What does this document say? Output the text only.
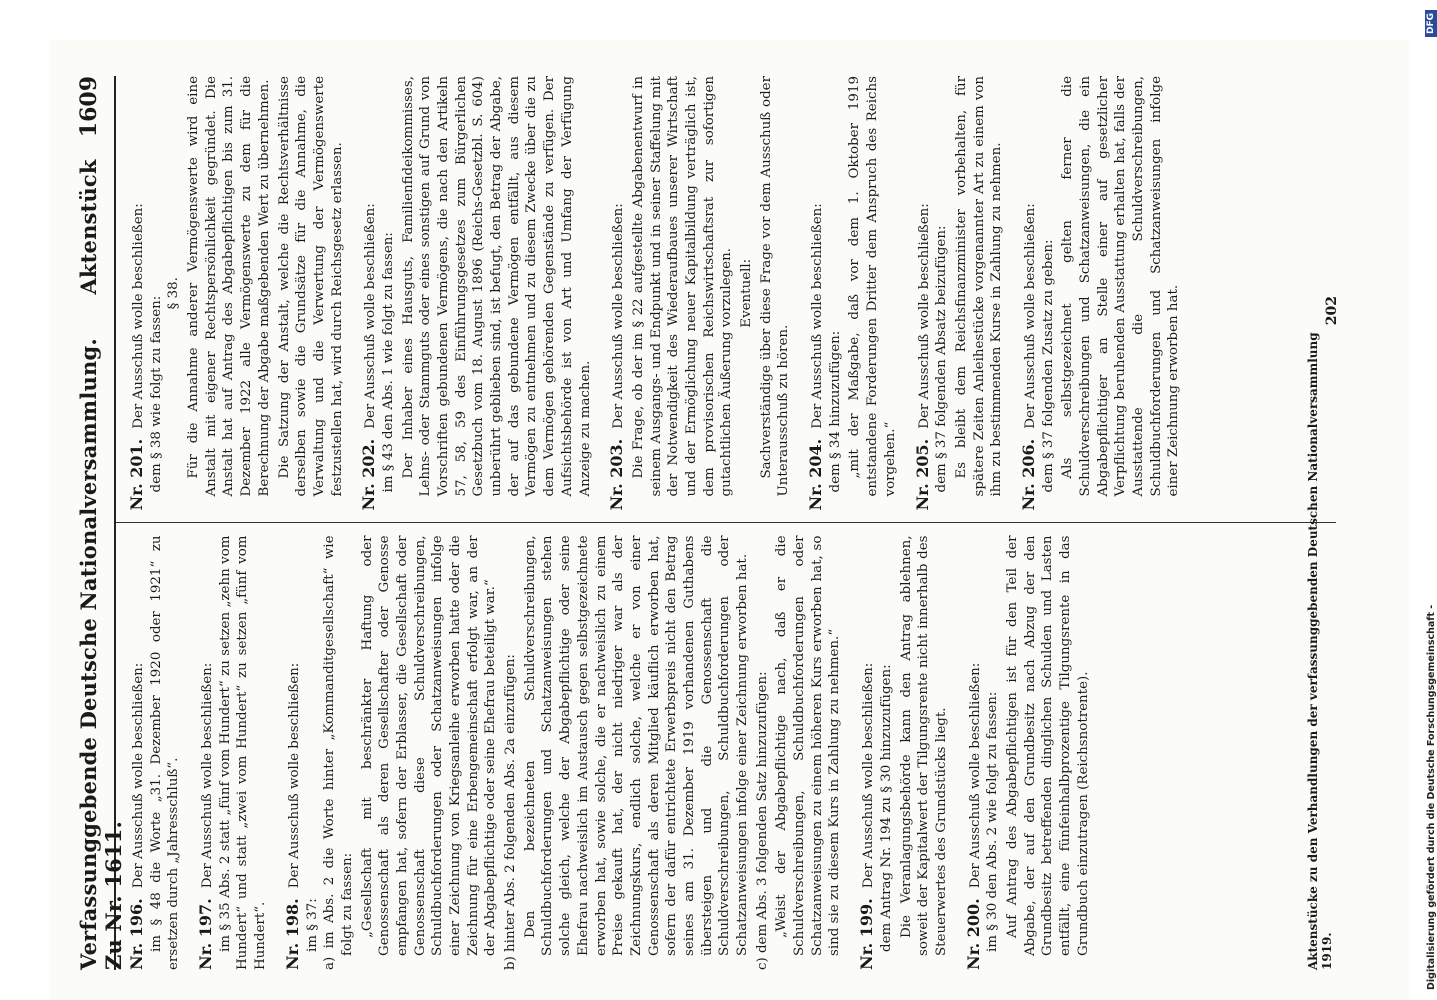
Verfassunggebende Deutsche Nationalversammlung. Aktenstück Zu Nr. 1611.
1609

Nr. 196.Der Ausschuß wolle beschließen: im § 48 die Worte „31. Dezember 1920 oder 1921“ zu ersetzen durch „Jahresschluß“. Nr. 197.Der Ausschuß wolle beschließen: im § 35 Abs. 2 statt „fünf vom Hundert“ zu setzen „zehn vom Hundert“ und statt „zwei vom Hundert“ zu setzen „fünf vom Hundert“. Nr. 198.Der Ausschuß wolle beschließen:

im § 37: a) im Abs. 2 die Worte hinter „Kommanditgesellschaft“ wie folgt zu fassen: „Gesellschaft mit beschränkter Haftung oder Genossenschaft als deren Gesellschafter oder Genosse empfangen hat, sofern der Erblasser, die Gesellschaft oder Genossenschaft diese Schuldverschreibungen, Schuldbuchforderungen oder Schatzanweisungen infolge einer Zeichnung von Kriegsanleihe erworben hatte oder die Zeichnung für eine Erbengemeinschaft erfolgt war, an der der Abgabepflichtige oder seine Ehefrau beteiligt war.“ b) hinter Abs. 2 folgenden Abs. 2a einzufügen: Den bezeichneten Schuldverschreibungen, Schuldbuchforderungen und Schatzanweisungen stehen solche gleich, welche der Abgabepflichtige oder seine Ehefrau nachweislich im Austausch gegen selbstgezeichnete erworben hat, sowie solche, die er nachweislich zu einem Preise gekauft hat, der nicht niedriger war als der Zeichnungskurs, endlich solche, welche er von einer Genossenschaft als deren Mitglied käuflich erworben hat, sofern der dafür entrichtete Erwerbspreis nicht den Betrag seines am 31. Dezember 1919 vorhandenen Guthabens übersteigen und die Genossenschaft die Schuldverschreibungen, Schuldbuchforderungen oder Schatzanweisungen infolge einer Zeichnung erworben hat. c) dem Abs. 3 folgenden Satz hinzuzufügen: „Weist der Abgabepflichtige nach, daß er die Schuldverschreibungen, Schuldbuchforderungen oder Schatzanweisungen zu einem höheren Kurs erworben hat, so sind sie zu diesem Kurs in Zahlung zu nehmen.“ Nr. 199.Der Ausschuß wolle beschließen: dem Antrag Nr. 194 zu § 30 hinzuzufügen: Die Veranlagungsbehörde kann den Antrag ablehnen, soweit der Kapitalwert der Tilgungsrente nicht innerhalb des Steuerwertes des Grundstücks liegt. Nr. 200.Der Ausschuß wolle beschließen: im § 30 den Abs. 2 wie folgt zu fassen: Auf Antrag des Abgabepflichtigen ist für den Teil der Abgabe, der auf den Grundbesitz nach Abzug der den Grundbesitz betreffenden dinglichen Schulden und Lasten entfällt, eine fünfeinhalbprozentige Tilgungsrente in das Grundbuch einzutragen (Reichsnotrente).

Nr. 201.Der Ausschuß wolle beschließen: dem § 38 wie folgt zu fassen:

§ 38. Für die Annahme anderer Vermögenswerte wird eine Anstalt mit eigener Rechtspersönlichkeit gegründet. Die Anstalt hat auf Antrag des Abgabepflichtigen bis zum 31. Dezember 1922 alle Vermögenswerte zu dem für die Berechnung der Abgabe maßgebenden Wert zu übernehmen. Die Satzung der Anstalt, welche die Rechtsverhältnisse derselben sowie die Grundsätze für die Annahme, die Verwaltung und die Verwertung der Vermögenswerte festzustellen hat, wird durch Reichsgesetz erlassen. Nr. 202.Der Ausschuß wolle beschließen: im § 43 den Abs. 1 wie folgt zu fassen: Der Inhaber eines Hausguts, Familienfideikommisses, Lehns- oder Stammguts oder eines sonstigen auf Grund von Vorschriften gebundenen Vermögens, die nach den Artikeln 57, 58, 59 des Einführungsgesetzes zum Bürgerlichen Gesetzbuch vom 18. August 1896 (Reichs-Gesetzbl. S. 604) unberührt geblieben sind, ist befugt, den Betrag der Abgabe, der auf das gebundene Vermögen entfällt, aus diesem Vermögen zu entnehmen und zu diesem Zwecke über die zu dem Vermögen gehörenden Gegenstände zu verfügen. Der Aufsichtsbehörde ist von Art und Umfang der Verfügung Anzeige zu machen. Nr. 203.Der Ausschuß wolle beschließen: Die Frage, ob der im § 22 aufgestellte Abgabenentwurf in seinem Ausgangs- und Endpunkt und in seiner Staffelung mit der Notwendigkeit des Wiederaufbaues unserer Wirtschaft und der Ermöglichung neuer Kapitalbildung verträglich ist, dem provisorischen Reichswirtschaftsrat zur sofortigen gutachtlichen Äußerung vorzulegen. Eventuell: Sachverständige über diese Frage vor dem Ausschuß oder Unterausschuß zu hören. Nr. 204.Der Ausschuß wolle beschließen: dem § 34 hinzuzufügen: „mit der Maßgabe, daß vor dem 1. Oktober 1919 entstandene Forderungen Dritter dem Anspruch des Reichs vorgehen.“ Nr. 205.Der Ausschuß wolle beschließen: dem § 37 folgenden Absatz beizufügen: Es bleibt dem Reichsfinanzminister vorbehalten, für spätere Zeiten Anleihestücke vorgenannter Art zu einem von ihm zu bestimmenden Kurse in Zahlung zu nehmen. Nr. 206.Der Ausschuß wolle beschließen: dem § 37 folgenden Zusatz zu geben: Als selbstgezeichnet gelten ferner die Schuldverschreibungen und Schatzanweisungen, die ein Abgabepflichtiger an Stelle einer auf gesetzlicher Verpflichtung beruhenden Ausstattung erhalten hat, falls der Ausstattende die Schuldverschreibungen, Schuldbuchforderungen und Schatzanweisungen infolge einer Zeichnung erworben hat.	Aktenstücke zu den Verhandlungen der verfassunggebenden Deutschen Nationalversammlung 1919.
202
Digitalisierung gefördert durch die Deutsche Forschungsgemeinschaft -
DFG
